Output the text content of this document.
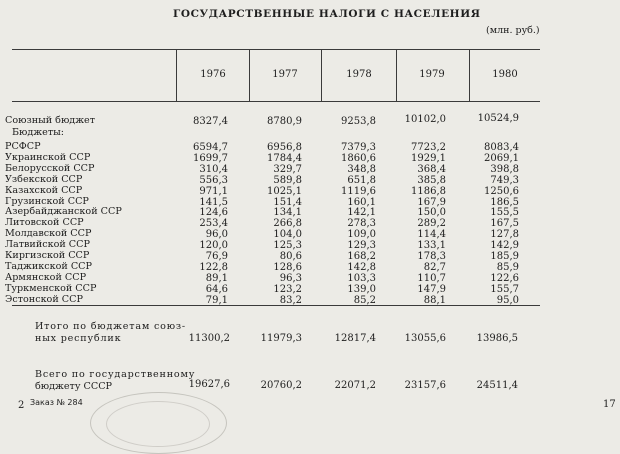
ГОСУДАРСТВЕННЫЕ НАЛОГИ С НАСЕЛЕНИЯ
(млн. руб.)
1976	1977	1978	1979	1980
Союзный бюджет	8327,4	8780,9	9253,8	10102,0	10524,9
Бюджеты:
РСФСР	6594,7	6956,8	7379,3	7723,2	8083,4
Украинской ССР	1699,7	1784,4	1860,6	1929,1	2069,1
Белорусской ССР	310,4	329,7	348,8	368,4	398,8
Узбекской ССР	556,3	589,8	651,8	385,8	749,3
Казахской ССР	971,1	1025,1	1119,6	1186,8	1250,6
Грузинской ССР	141,5	151,4	160,1	167,9	186,5
Азербайджанской ССР	124,6	134,1	142,1	150,0	155,5
Литовской ССР	253,4	266,8	278,3	289,2	167,5
Молдавской ССР	96,0	104,0	109,0	114,4	127,8
Латвийской ССР	120,0	125,3	129,3	133,1	142,9
Киргизской ССР	76,9	80,6	168,2	178,3	185,9
Таджикской ССР	122,8	128,6	142,8	82,7	85,9
Армянской ССР	89,1	96,3	103,3	110,7	122,6
Туркменской ССР	64,6	123,2	139,0	147,9	155,7
Эстонской ССР	79,1	83,2	85,2	88,1	95,0
Итого по бюджетам союз-
ных республик	11300,2	11979,3	12817,4	13055,6	13986,5
Всего по государственному
бюджету СССР	19627,6	20760,2	22071,2	23157,6	24511,4
2 Заказ № 284	17
